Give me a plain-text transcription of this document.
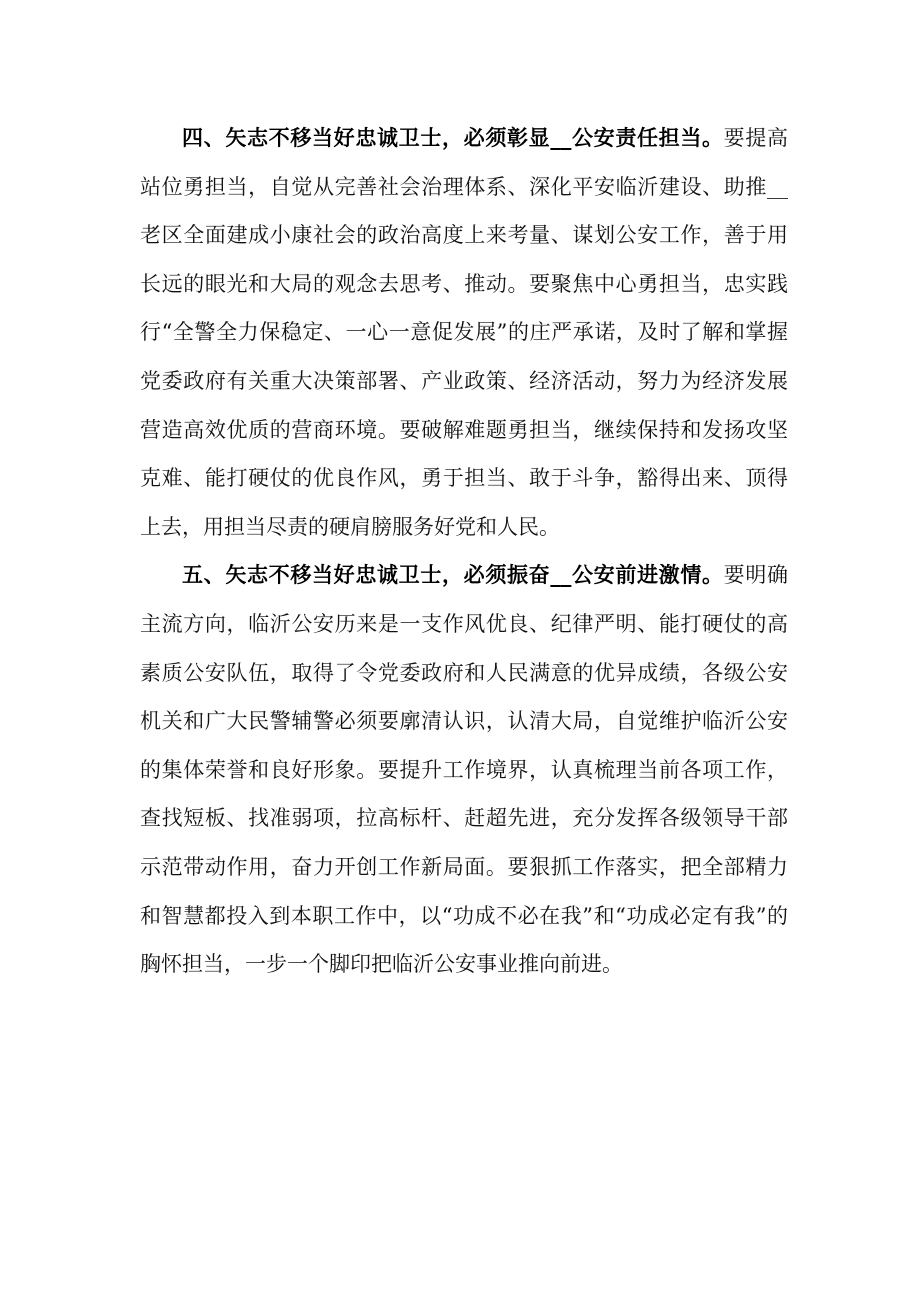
四、矢志不移当好忠诚卫士，必须彰显__公安责任担当。要提高站位勇担当，自觉从完善社会治理体系、深化平安临沂建设、助推__老区全面建成小康社会的政治高度上来考量、谋划公安工作，善于用长远的眼光和大局的观念去思考、推动。要聚焦中心勇担当，忠实践行“全警全力保稳定、一心一意促发展”的庄严承诺，及时了解和掌握党委政府有关重大决策部署、产业政策、经济活动，努力为经济发展营造高效优质的营商环境。要破解难题勇担当，继续保持和发扬攻坚克难、能打硬仗的优良作风，勇于担当、敢于斗争，豁得出来、顶得上去，用担当尽责的硬肩膀服务好党和人民。

五、矢志不移当好忠诚卫士，必须振奋__公安前进激情。要明确主流方向，临沂公安历来是一支作风优良、纪律严明、能打硬仗的高素质公安队伍，取得了令党委政府和人民满意的优异成绩，各级公安机关和广大民警辅警必须要廓清认识，认清大局，自觉维护临沂公安的集体荣誉和良好形象。要提升工作境界，认真梳理当前各项工作，查找短板、找准弱项，拉高标杆、赶超先进，充分发挥各级领导干部示范带动作用，奋力开创工作新局面。要狠抓工作落实，把全部精力和智慧都投入到本职工作中，以“功成不必在我”和“功成必定有我”的胸怀担当，一步一个脚印把临沂公安事业推向前进。
